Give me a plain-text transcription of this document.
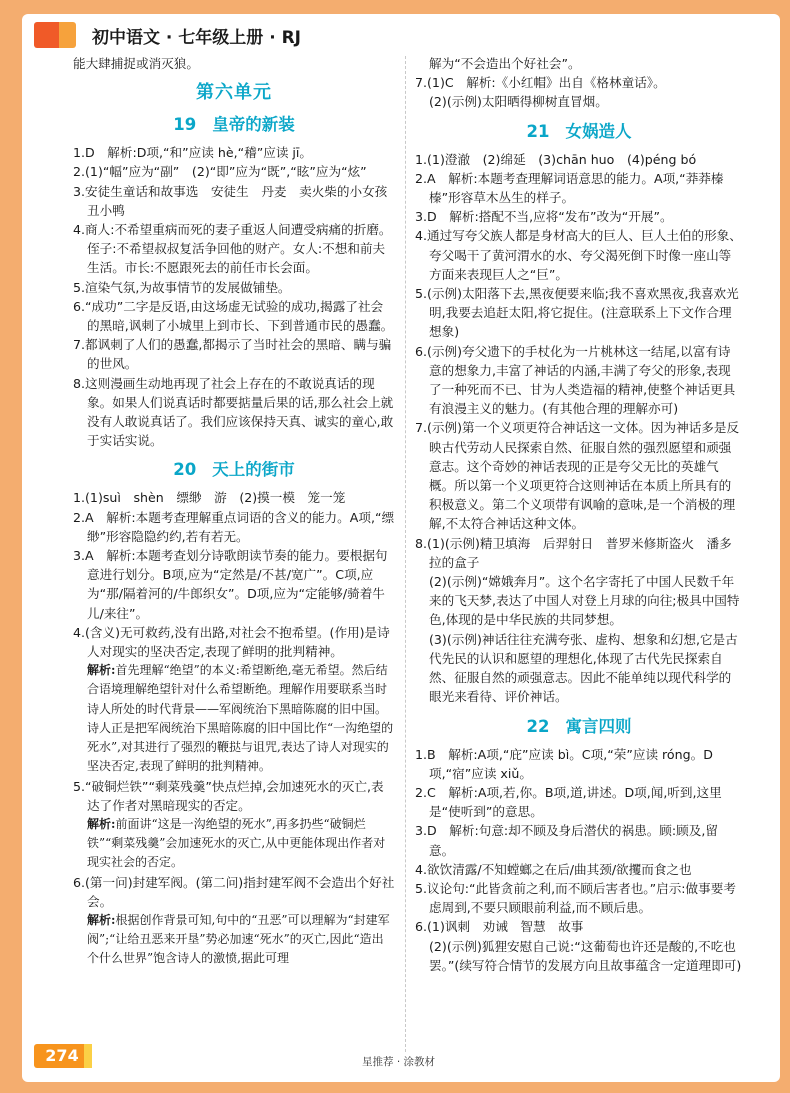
初中语文 · 七年级上册 · RJ

能大肆捕捉或消灭狼。

第六单元
19 皇帝的新装

1.D　解析:D项,“和”应读 hè,“稽”应读 jī。

2.(1)“幅”应为“副”　(2)“即”应为“既”,“眩”应为“炫”

3.安徒生童话和故事选　安徒生　丹麦　卖火柴的小女孩　丑小鸭

4.商人:不希望重病而死的妻子重返人间遭受病痛的折磨。侄子:不希望叔叔复活争回他的财产。女人:不想和前夫生活。市长:不愿跟死去的前任市长会面。

5.渲染气氛,为故事情节的发展做铺垫。

6.“成功”二字是反语,由这场虚无试验的成功,揭露了社会的黑暗,讽刺了小城里上到市长、下到普通市民的愚蠢。

7.都讽刺了人们的愚蠢,都揭示了当时社会的黑暗、瞒与骗的世风。

8.这则漫画生动地再现了社会上存在的不敢说真话的现象。如果人们说真话时都要掂量后果的话,那么社会上就没有人敢说真话了。我们应该保持天真、诚实的童心,敢于实话实说。

20 天上的街市

1.(1)suì　shèn　缥缈　游　(2)摸一模　笼一笼

2.A　解析:本题考查理解重点词语的含义的能力。A项,“缥缈”形容隐隐约约,若有若无。

3.A　解析:本题考查划分诗歌朗读节奏的能力。要根据句意进行划分。B项,应为“定然是/不甚/宽广”。C项,应为“那/隔着河的/牛郎织女”。D项,应为“定能够/骑着牛儿/来往”。

4.(含义)无可救药,没有出路,对社会不抱希望。(作用)是诗人对现实的坚决否定,表现了鲜明的批判精神。

解析:首先理解“绝望”的本义:希望断绝,毫无希望。然后结合语境理解绝望针对什么希望断绝。理解作用要联系当时诗人所处的时代背景——军阀统治下黑暗陈腐的旧中国。诗人正是把军阀统治下黑暗陈腐的旧中国比作“一沟绝望的死水”,对其进行了强烈的鞭挞与诅咒,表达了诗人对现实的坚决否定,表现了鲜明的批判精神。

5.“破铜烂铁”“剩菜残羹”快点烂掉,会加速死水的灭亡,表达了作者对黑暗现实的否定。

解析:前面讲“这是一沟绝望的死水”,再多扔些“破铜烂铁”“剩菜残羹”会加速死水的灭亡,从中更能体现出作者对现实社会的否定。

6.(第一问)封建军阀。(第二问)指封建军阀不会造出个好社会。

解析:根据创作背景可知,句中的“丑恶”可以理解为“封建军阀”;“让给丑恶来开垦”势必加速“死水”的灭亡,因此“造出个什么世界”饱含诗人的激愤,据此可理

解为“不会造出个好社会”。

7.(1)C　解析:《小红帽》出自《格林童话》。

(2)(示例)太阳晒得柳树直冒烟。

21 女娲造人

1.(1)澄澈　(2)绵延　(3)chān huo　(4)péng bó

2.A　解析:本题考查理解词语意思的能力。A项,“莽莽榛榛”形容草木丛生的样子。

3.D　解析:搭配不当,应将“发布”改为“开展”。

4.通过写夸父族人都是身材高大的巨人、巨人土伯的形象、夸父喝干了黄河渭水的水、夸父渴死倒下时像一座山等方面来表现巨人之“巨”。

5.(示例)太阳落下去,黑夜便要来临;我不喜欢黑夜,我喜欢光明,我要去追赶太阳,将它捉住。(注意联系上下文作合理想象)

6.(示例)夸父遗下的手杖化为一片桃林这一结尾,以富有诗意的想象力,丰富了神话的内涵,丰满了夸父的形象,表现了一种死而不已、甘为人类造福的精神,使整个神话更具有浪漫主义的魅力。(有其他合理的理解亦可)

7.(示例)第一个义项更符合神话这一文体。因为神话多是反映古代劳动人民探索自然、征服自然的强烈愿望和顽强意志。这个奇妙的神话表现的正是夸父无比的英雄气概。所以第一个义项更符合这则神话在本质上所具有的积极意义。第二个义项带有讽喻的意味,是一个消极的理解,不太符合神话这种文体。

8.(1)(示例)精卫填海　后羿射日　普罗米修斯盗火　潘多拉的盒子

(2)(示例)“嫦娥奔月”。这个名字寄托了中国人民数千年来的飞天梦,表达了中国人对登上月球的向往;极具中国特色,体现的是中华民族的共同梦想。

(3)(示例)神话往往充满夸张、虚构、想象和幻想,它是古代先民的认识和愿望的理想化,体现了古代先民探索自然、征服自然的顽强意志。因此不能单纯以现代科学的眼光来看待、评价神话。

22 寓言四则

1.B　解析:A项,“庇”应读 bì。C项,“荣”应读 róng。D项,“宿”应读 xiǔ。

2.C　解析:A项,若,你。B项,道,讲述。D项,闻,听到,这里是“使听到”的意思。

3.D　解析:句意:却不顾及身后潜伏的祸患。顾:顾及,留意。

4.欲饮清露/不知螳螂之在后/曲其颈/欲攫而食之也

5.议论句:“此皆贪前之利,而不顾后害者也。”启示:做事要考虑周到,不要只顾眼前利益,而不顾后患。

6.(1)讽刺　劝诫　智慧　故事

(2)(示例)狐狸安慰自己说:“这葡萄也许还是酸的,不吃也罢。”(续写符合情节的发展方向且故事蕴含一定道理即可)

274	星推荐 · 涂教材
